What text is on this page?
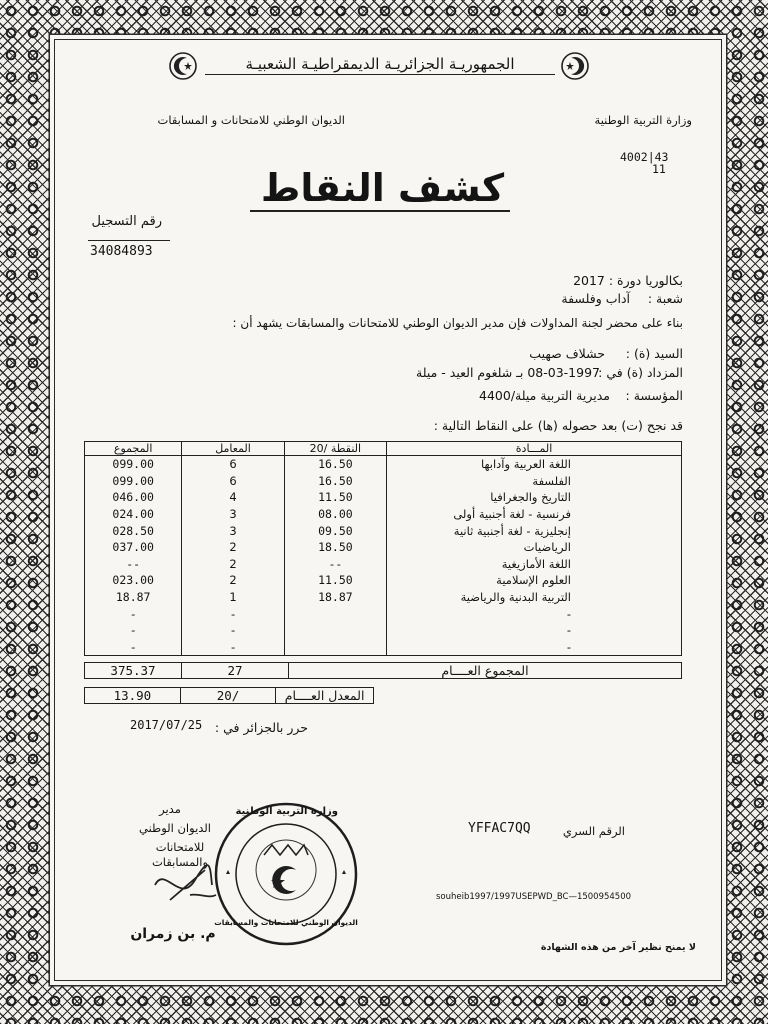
الجمهوريـة الجزائريـة الديمقراطيـة الشعبيـة
الديوان الوطني للامتحانات و المسابقات	وزارة التربية الوطنية
4002|43
11
كشف النقاط
رقم التسجيل
34084893
بكالوريا دورة : 2017
شعبة :
آداب وفلسفة
بناء على محضر لجنة المداولات فإن مدير الديوان الوطني للامتحانات والمسابقات يشهد أن :
السيد (ة) :
حشلاف صهيب
المزداد (ة) في :
08-03-1997 بـ شلغوم العيد - ميلة
المؤسسة :
مديرية التربية ميلة/4400
قد نجح (ت) بعد حصوله (ها) على النقاط التالية :
المـــادة	النقطة /20	المعامل	المجموع
اللغة العربية وآدابها	16.50	6	099.00
الفلسفة	16.50	6	099.00
التاريخ والجغرافيا	11.50	4	046.00
فرنسية - لغة أجنبية أولى	08.00	3	024.00
إنجليزية - لغة أجنبية ثانية	09.50	3	028.50
الرياضيات	18.50	2	037.00
اللغة الأمازيغية	--	2	--
العلوم الإسلامية	11.50	2	023.00
التربية البدنية والرياضية	18.87	1	18.87
-		-	-
-		-	-
-		-	-
المجموع العــــام	27	375.37
المعدل العــــام	/20	13.90
حرر بالجزائر في :
2017/07/25
الرقم السري
YFFAC7QQ
souheib1997/1997USEPWD_BC—1500954500
مدير
الديوان الوطني
للامتحانات
والمسابقات
م. بن زمران
وزارة التربية الوطنية
الديوان الوطني للامتحانات والمسابقات
لا يمنح نظير آخر من هذه الشهادة
